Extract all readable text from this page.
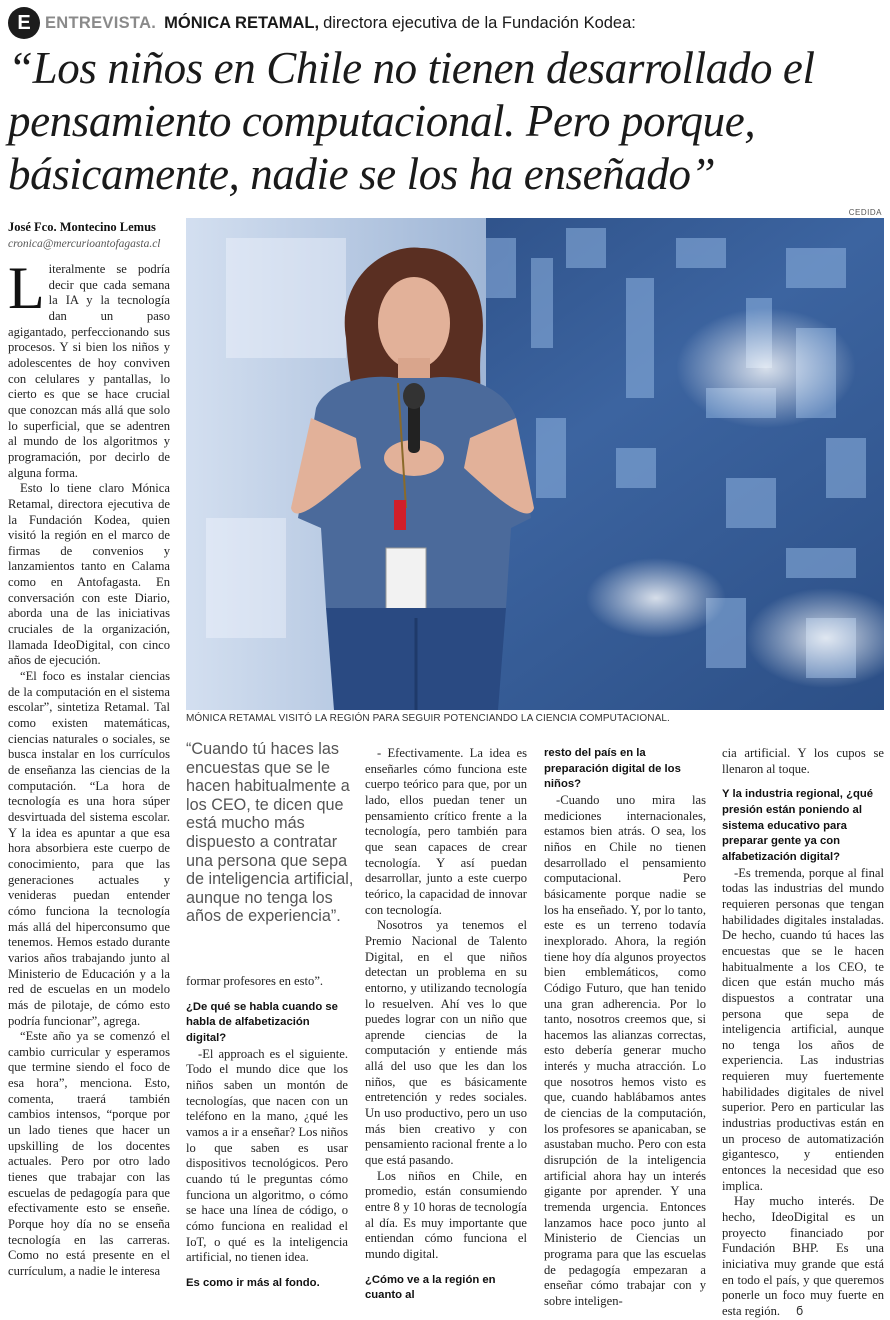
E ENTREVISTA. MÓNICA RETAMAL, directora ejecutiva de la Fundación Kodea:
“Los niños en Chile no tienen desarrollado el pensamiento computacional. Pero porque, básicamente, nadie se los ha enseñado”
José Fco. Montecino Lemus
cronica@mercurioantofagasta.cl
CEDIDA
MÓNICA RETAMAL VISITÓ LA REGIÓN PARA SEGUIR POTENCIANDO LA CIENCIA COMPUTACIONAL.

Literalmente se podría decir que cada semana la IA y la tecnología dan un paso agigantado, perfeccionando sus procesos. Y si bien los niños y adolescentes de hoy conviven con celulares y pantallas, lo cierto es que se hace crucial que conozcan más allá que solo lo superficial, que se adentren al mundo de los algoritmos y programación, por decirlo de alguna forma.

Esto lo tiene claro Mónica Retamal, directora ejecutiva de la Fundación Kodea, quien visitó la región en el marco de firmas de convenios y lanzamientos tanto en Calama como en Antofagasta. En conversación con este Diario, aborda una de las iniciativas cruciales de la organización, llamada IdeoDigital, con cinco años de ejecución.

“El foco es instalar ciencias de la computación en el sistema escolar”, sintetiza Retamal. Tal como existen matemáticas, ciencias naturales o sociales, se busca instalar en los currículos de enseñanza las ciencias de la computación. “La hora de tecnología es una hora súper desvirtuada del sistema escolar. Y la idea es apuntar a que esa hora absorbiera este cuerpo de conocimiento, para que las generaciones actuales y venideras puedan entender cómo funciona la tecnología más allá del hiperconsumo que tenemos. Hemos estado durante varios años trabajando junto al Ministerio de Educación y a la red de escuelas en un modelo más de pilotaje, de cómo esto podría funcionar”, agrega.

“Este año ya se comenzó el cambio curricular y esperamos que termine siendo el foco de esa hora”, menciona. Esto, comenta, traerá también cambios intensos, “porque por un lado tienes que hacer un upskilling de los docentes actuales. Pero por otro lado tienes que trabajar con las escuelas de pedagogía para que efectivamente esto se enseñe. Porque hoy día no se enseña tecnología en las carreras. Como no está presente en el currículum, a nadie le interesa

“Cuando tú haces las encuestas que se le hacen habitualmente a los CEO, te dicen que está mucho más dispuesto a contratar una persona que sepa de inteligencia artificial, aunque no tenga los años de experiencia”.

formar profesores en esto”.

¿De qué se habla cuando se habla de alfabetización digital?

-El approach es el siguiente. Todo el mundo dice que los niños saben un montón de tecnologías, que nacen con un teléfono en la mano, ¿qué les vamos a ir a enseñar? Los niños lo que saben es usar dispositivos tecnológicos. Pero cuando tú le preguntas cómo funciona un algoritmo, o cómo se hace una línea de código, o cómo funciona en realidad el IoT, o qué es la inteligencia artificial, no tienen idea.

Es como ir más al fondo.

- Efectivamente. La idea es enseñarles cómo funciona este cuerpo teórico para que, por un lado, ellos puedan tener un pensamiento crítico frente a la tecnología, pero también para que sean capaces de crear tecnología. Y así puedan desarrollar, junto a este cuerpo teórico, la capacidad de innovar con tecnología.

Nosotros ya tenemos el Premio Nacional de Talento Digital, en el que niños detectan un problema en su entorno, y utilizando tecnología lo resuelven. Ahí ves lo que puedes lograr con un niño que aprende ciencias de la computación y entiende más allá del uso que les dan los niños, que es básicamente entretención y redes sociales. Un uso productivo, pero un uso más bien creativo y con pensamiento racional frente a lo que está pasando.

Los niños en Chile, en promedio, están consumiendo entre 8 y 10 horas de tecnología al día. Es muy importante que entiendan cómo funciona el mundo digital.

¿Cómo ve a la región en cuanto al

resto del país en la preparación digital de los niños?

-Cuando uno mira las mediciones internacionales, estamos bien atrás. O sea, los niños en Chile no tienen desarrollado el pensamiento computacional. Pero básicamente porque nadie se los ha enseñado. Y, por lo tanto, este es un terreno todavía inexplorado. Ahora, la región tiene hoy día algunos proyectos bien emblemáticos, como Código Futuro, que han tenido una gran adherencia. Por lo tanto, nosotros creemos que, si hacemos las alianzas correctas, esto debería generar mucho interés y mucha atracción. Lo que nosotros hemos visto es que, cuando hablábamos antes de ciencias de la computación, los profesores se apanicaban, se asustaban mucho. Pero con esta disrupción de la inteligencia artificial ahora hay un interés gigante por aprender. Y una tremenda urgencia. Entonces lanzamos hace poco junto al Ministerio de Ciencias un programa para que las escuelas de pedagogía empezaran a enseñar cómo trabajar con y sobre inteligen-

cia artificial. Y los cupos se llenaron al toque.

Y la industria regional, ¿qué presión están poniendo al sistema educativo para preparar gente ya con alfabetización digital?

-Es tremenda, porque al final todas las industrias del mundo requieren personas que tengan habilidades digitales instaladas. De hecho, cuando tú haces las encuestas que se le hacen habitualmente a los CEO, te dicen que están mucho más dispuestos a contratar una persona que sepa de inteligencia artificial, aunque no tenga los años de experiencia. Las industrias requieren muy fuertemente habilidades digitales de nivel superior. Pero en particular las industrias productivas están en un proceso de automatización gigantesco, y entienden entonces la necesidad que eso implica.

Hay mucho interés. De hecho, IdeoDigital es un proyecto financiado por Fundación BHP. Es una iniciativa muy grande que está en todo el país, y que queremos ponerle un foco muy fuerte en esta región. ϭ
